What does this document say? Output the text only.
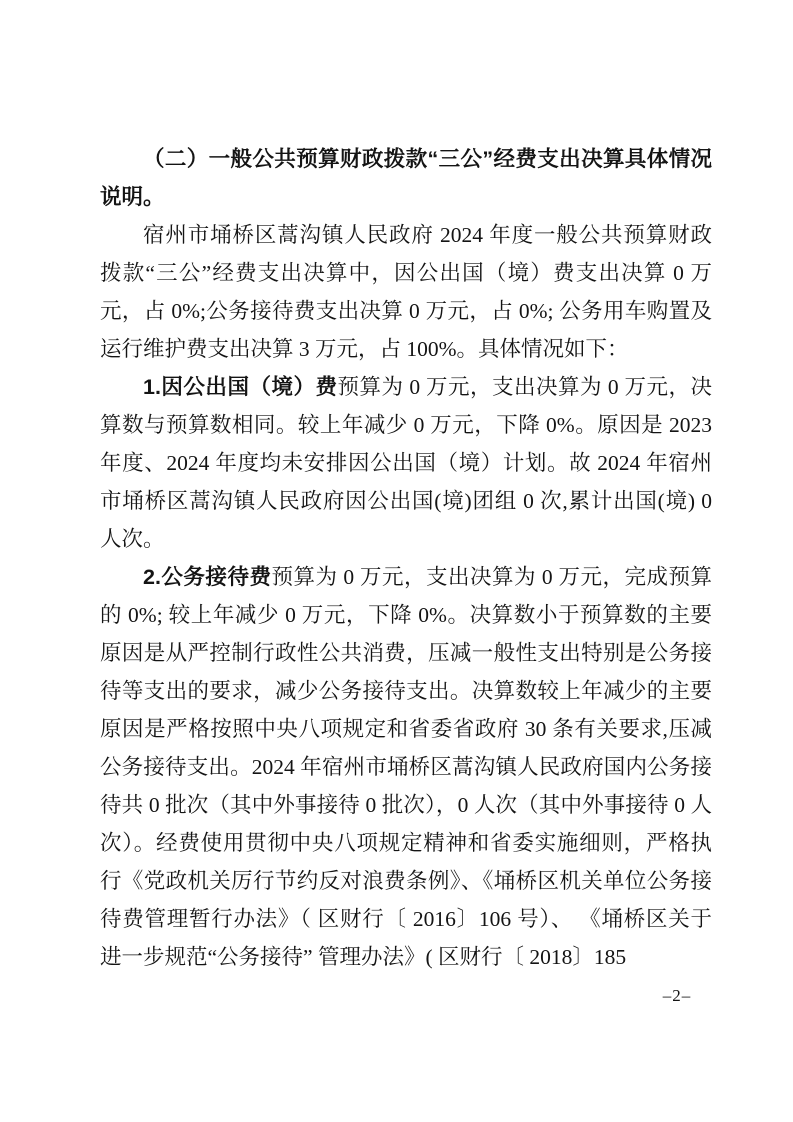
（二）一般公共预算财政拨款“三公”经费支出决算具体情况说明。

宿州市埇桥区蒿沟镇人民政府 2024 年度一般公共预算财政拨款“三公”经费支出决算中，因公出国（境）费支出决算 0 万元，占 0%;公务接待费支出决算 0 万元，占 0%; 公务用车购置及运行维护费支出决算 3 万元，占 100%。具体情况如下：

1.因公出国（境）费预算为 0 万元，支出决算为 0 万元，决算数与预算数相同。较上年减少 0 万元，下降 0%。原因是 2023 年度、2024 年度均未安排因公出国（境）计划。故 2024 年宿州市埇桥区蒿沟镇人民政府因公出国(境)团组 0 次,累计出国(境) 0 人次。

2.公务接待费预算为 0 万元，支出决算为 0 万元，完成预算的 0%; 较上年减少 0 万元，下降 0%。决算数小于预算数的主要原因是从严控制行政性公共消费，压减一般性支出特别是公务接待等支出的要求，减少公务接待支出。决算数较上年减少的主要原因是严格按照中央八项规定和省委省政府 30 条有关要求,压减公务接待支出。2024 年宿州市埇桥区蒿沟镇人民政府国内公务接待共 0 批次（其中外事接待 0 批次），0 人次（其中外事接待 0 人次）。经费使用贯彻中央八项规定精神和省委实施细则，严格执行《党政机关厉行节约反对浪费条例》、《埇桥区机关单位公务接待费管理暂行办法》（ 区财行〔 2016〕106 号）、 《埇桥区关于进一步规范“公务接待” 管理办法》( 区财行〔 2018〕185

–2–
